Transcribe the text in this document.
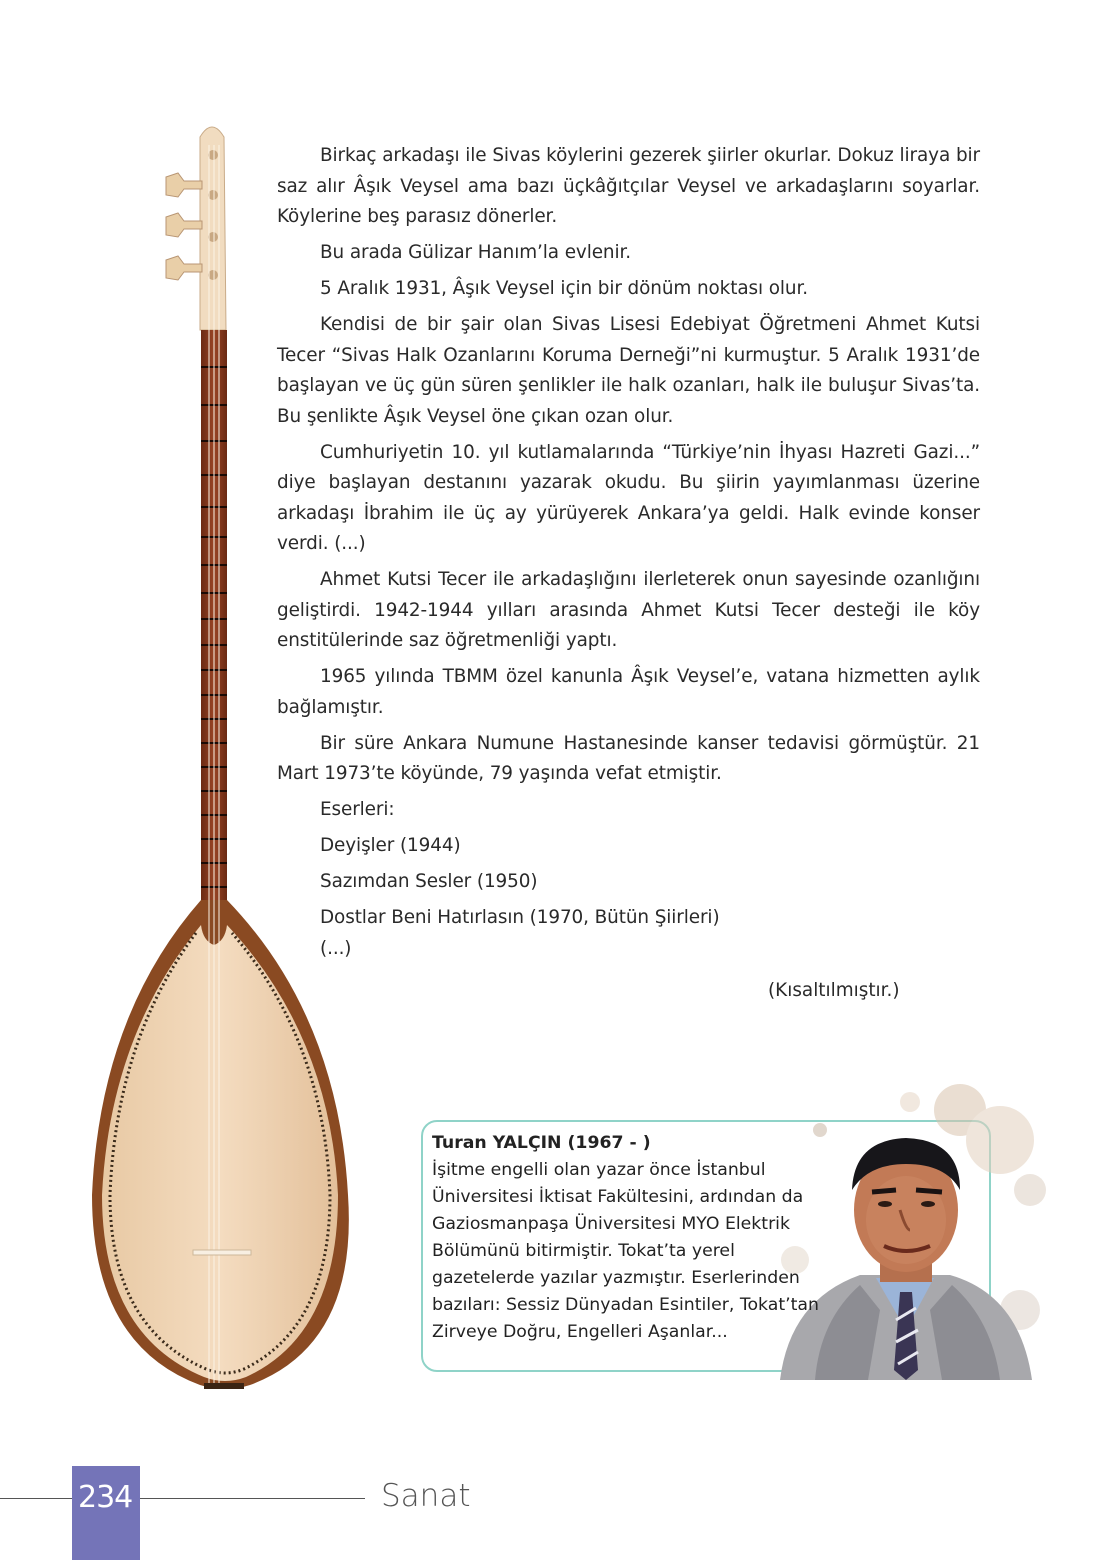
Birkaç arkadaşı ile Sivas köylerini gezerek şiirler okurlar. Dokuz liraya bir saz alır Âşık Veysel ama bazı üçkâğıtçılar Veysel ve arkadaşlarını soyarlar. Köylerine beş parasız dönerler.

Bu arada Gülizar Hanım’la evlenir.

5 Aralık 1931, Âşık Veysel için bir dönüm noktası olur.

Kendisi de bir şair olan Sivas Lisesi Edebiyat Öğretmeni Ahmet Kutsi Tecer “Sivas Halk Ozanlarını Koruma Derneği”ni kurmuştur. 5 Aralık 1931’de başlayan ve üç gün süren şenlikler ile halk ozanları, halk ile buluşur Sivas’ta. Bu şenlikte Âşık Veysel öne çıkan ozan olur.

Cumhuriyetin 10. yıl kutlamalarında “Türkiye’nin İhyası Hazreti Gazi...” diye başlayan destanını yazarak okudu. Bu şiirin yayımlanması üzerine arkadaşı İbrahim ile üç ay yürüyerek Ankara’ya geldi. Halk evinde konser verdi. (...)

Ahmet Kutsi Tecer ile arkadaşlığını ilerleterek onun sayesinde ozanlığını geliştirdi. 1942-1944 yılları arasında Ahmet Kutsi Tecer desteği ile köy enstitülerinde saz öğretmenliği yaptı.

1965 yılında TBMM özel kanunla Âşık Veysel’e, vatana hizmetten aylık bağlamıştır.

Bir süre Ankara Numune Hastanesinde kanser tedavisi görmüştür. 21 Mart 1973’te köyünde, 79 yaşında vefat etmiştir.

Eserleri:

Deyişler (1944)

Sazımdan Sesler (1950)

Dostlar Beni Hatırlasın (1970, Bütün Şiirleri)

(...)

(Kısaltılmıştır.)
Turan YALÇIN (1967 - )
İşitme engelli olan yazar önce İstanbul Üniversitesi İktisat Fakültesini, ardından da Gaziosmanpaşa Üniversitesi MYO Elektrik Bölümünü bitirmiştir. Tokat’ta yerel gazetelerde yazılar yazmıştır. Eserlerinden bazıları: Sessiz Dünyadan Esintiler, Tokat’tan Zirveye Doğru, Engelleri Aşanlar...
234	Sanat
